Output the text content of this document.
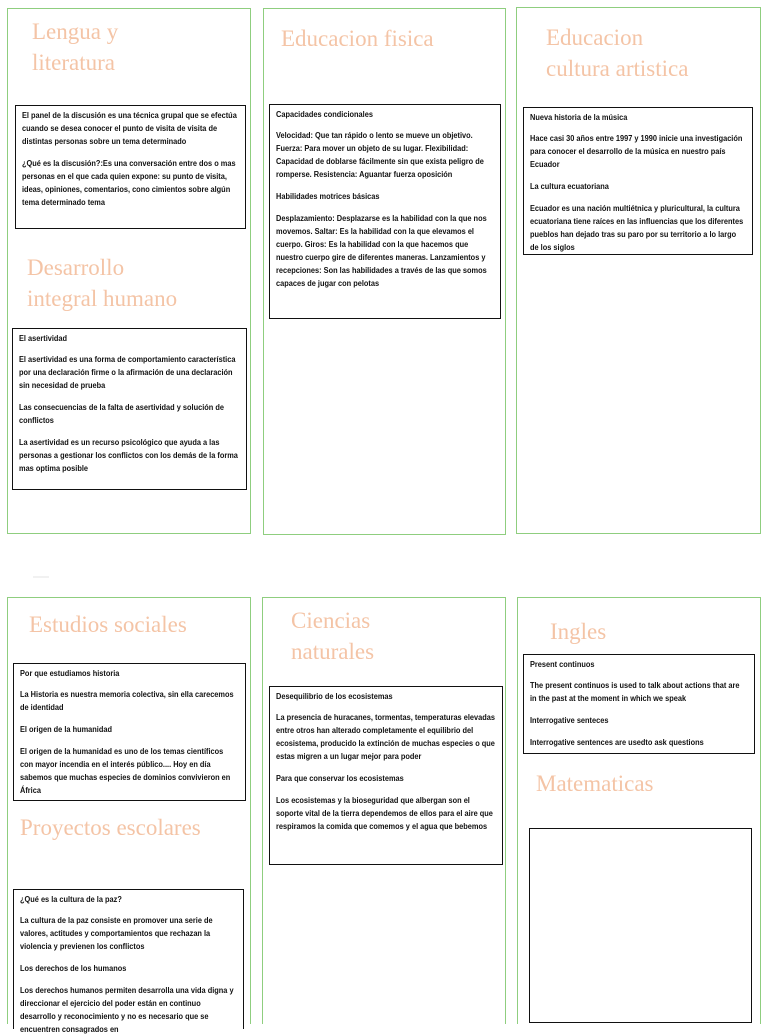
Lengua y
literatura

El panel de la discusión es una técnica grupal que se efectúa cuando se desea conocer el punto de visita de visita de distintas personas sobre un tema determinado

¿Qué es la discusión?:Es una conversación entre dos o mas personas en el que cada quien expone: su punto de visita, ideas, opiniones, comentarios, cono cimientos sobre algún tema determinado tema

Desarrollo
integral humano

El asertividad

El asertividad es una forma de comportamiento característica por una declaración firme o la afirmación de una declaración sin necesidad de prueba

Las consecuencias de la falta de asertividad y solución de conflictos

La asertividad es un recurso psicológico que ayuda a las personas a gestionar los conflictos con los demás de la forma mas optima posible

Educacion fisica

Capacidades condicionales

Velocidad: Que tan rápido o lento se mueve un objetivo. Fuerza: Para mover un objeto de su lugar. Flexibilidad: Capacidad de doblarse fácilmente sin que exista peligro de romperse. Resistencia: Aguantar fuerza oposición

Habilidades motrices básicas

Desplazamiento: Desplazarse es la habilidad con la que nos movemos. Saltar: Es la habilidad con la que elevamos el cuerpo. Giros: Es la habilidad con la que hacemos que nuestro cuerpo gire de diferentes maneras. Lanzamientos y recepciones: Son las habilidades a través de las que somos capaces de jugar con pelotas

Educacion
cultura artistica

Nueva historia de la música

Hace casi 30 años entre 1997 y 1990 inicie una investigación para conocer el desarrollo de la música en nuestro país Ecuador

La cultura ecuatoriana

Ecuador es una nación multiétnica y pluricultural, la cultura ecuatoriana tiene raíces en las influencias que los diferentes pueblos han dejado tras su paro por su territorio a lo largo de los siglos

Estudios sociales

Por que estudiamos historia

La Historia es nuestra memoria colectiva, sin ella carecemos de identidad

El origen de la humanidad

El origen de la humanidad es uno de los temas científicos con mayor incendia en el interés público.... Hoy en día sabemos que muchas especies de dominios convivieron en África

Proyectos escolares

¿Qué es la cultura de la paz?

La cultura de la paz consiste en promover una serie de valores, actitudes y comportamientos que rechazan la violencia y previenen los conflictos

Los derechos de los humanos

Los derechos humanos permiten desarrolla una vida digna y direccionar el ejercicio del poder están en continuo desarrollo y reconocimiento y no es necesario que se encuentren consagrados en

Ciencias
naturales

Desequilibrio de los ecosistemas

La presencia de huracanes, tormentas, temperaturas elevadas entre otros han alterado completamente el equilibrio del ecosistema, producido la extinción de muchas especies o que estas migren a un lugar mejor para poder

Para que conservar los ecosistemas

Los ecosistemas y la bioseguridad que albergan son el soporte vital de la tierra dependemos de ellos para el aire que respiramos la comida que comemos y el agua que bebemos

Ingles

Present continuos

The present continuos is used to talk about actions that are in the past at the moment in which we speak

Interrogative senteces

Interrogative sentences are usedto ask questions

Matematicas
